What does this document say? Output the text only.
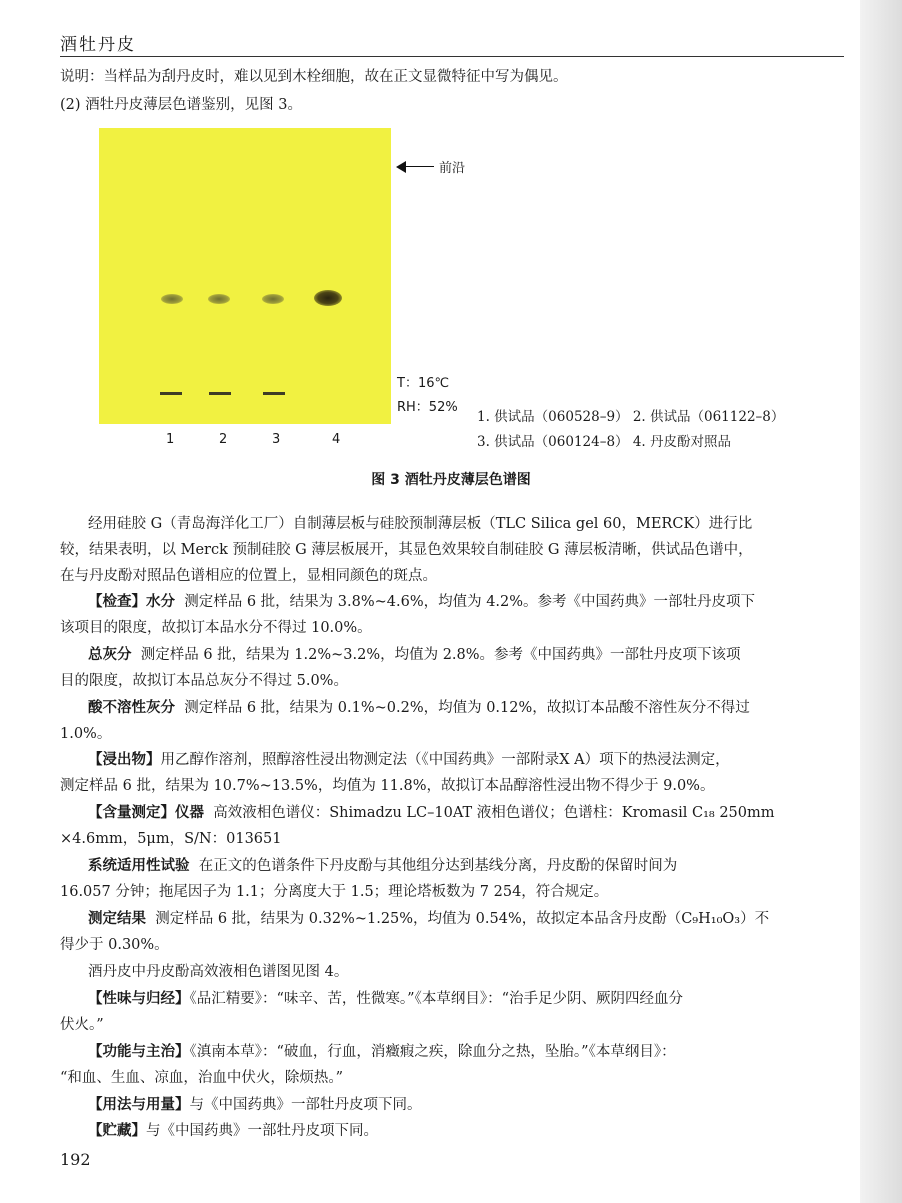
酒牡丹皮
说明：当样品为刮丹皮时，难以见到木栓细胞，故在正文显微特征中写为偶见。
(2) 酒牡丹皮薄层色谱鉴别，见图 3。
前沿
T：16℃
RH：52%
1	2	3	4
1. 供试品（060528–9） 2. 供试品（061122–8）
3. 供试品（060124–8） 4. 丹皮酚对照品
图 3 酒牡丹皮薄层色谱图
经用硅胶 G（青岛海洋化工厂）自制薄层板与硅胶预制薄层板（TLC Silica gel 60，MERCK）进行比
较，结果表明，以 Merck 预制硅胶 G 薄层板展开，其显色效果较自制硅胶 G 薄层板清晰，供试品色谱中，
在与丹皮酚对照品色谱相应的位置上，显相同颜色的斑点。
【检查】水分 测定样品 6 批，结果为 3.8%~4.6%，均值为 4.2%。参考《中国药典》一部牡丹皮项下
该项目的限度，故拟订本品水分不得过 10.0%。
总灰分 测定样品 6 批，结果为 1.2%~3.2%，均值为 2.8%。参考《中国药典》一部牡丹皮项下该项
目的限度，故拟订本品总灰分不得过 5.0%。
酸不溶性灰分 测定样品 6 批，结果为 0.1%~0.2%，均值为 0.12%，故拟订本品酸不溶性灰分不得过
1.0%。
【浸出物】用乙醇作溶剂，照醇溶性浸出物测定法（《中国药典》一部附录Ⅹ A）项下的热浸法测定，
测定样品 6 批，结果为 10.7%~13.5%，均值为 11.8%，故拟订本品醇溶性浸出物不得少于 9.0%。
【含量测定】仪器 高效液相色谱仪：Shimadzu LC–10AT 液相色谱仪；色谱柱：Kromasil C₁₈ 250mm
×4.6mm，5μm，S/N：013651
系统适用性试验 在正文的色谱条件下丹皮酚与其他组分达到基线分离，丹皮酚的保留时间为
16.057 分钟；拖尾因子为 1.1；分离度大于 1.5；理论塔板数为 7 254，符合规定。
测定结果 测定样品 6 批，结果为 0.32%~1.25%，均值为 0.54%，故拟定本品含丹皮酚（C₉H₁₀O₃）不
得少于 0.30%。
酒丹皮中丹皮酚高效液相色谱图见图 4。
【性味与归经】《品汇精要》：“味辛、苦，性微寒。”《本草纲目》：“治手足少阴、厥阴四经血分
伏火。”
【功能与主治】《滇南本草》：“破血，行血，消癥瘕之疾，除血分之热，坠胎。”《本草纲目》：
“和血、生血、凉血，治血中伏火，除烦热。”
【用法与用量】与《中国药典》一部牡丹皮项下同。
【贮藏】与《中国药典》一部牡丹皮项下同。
192
